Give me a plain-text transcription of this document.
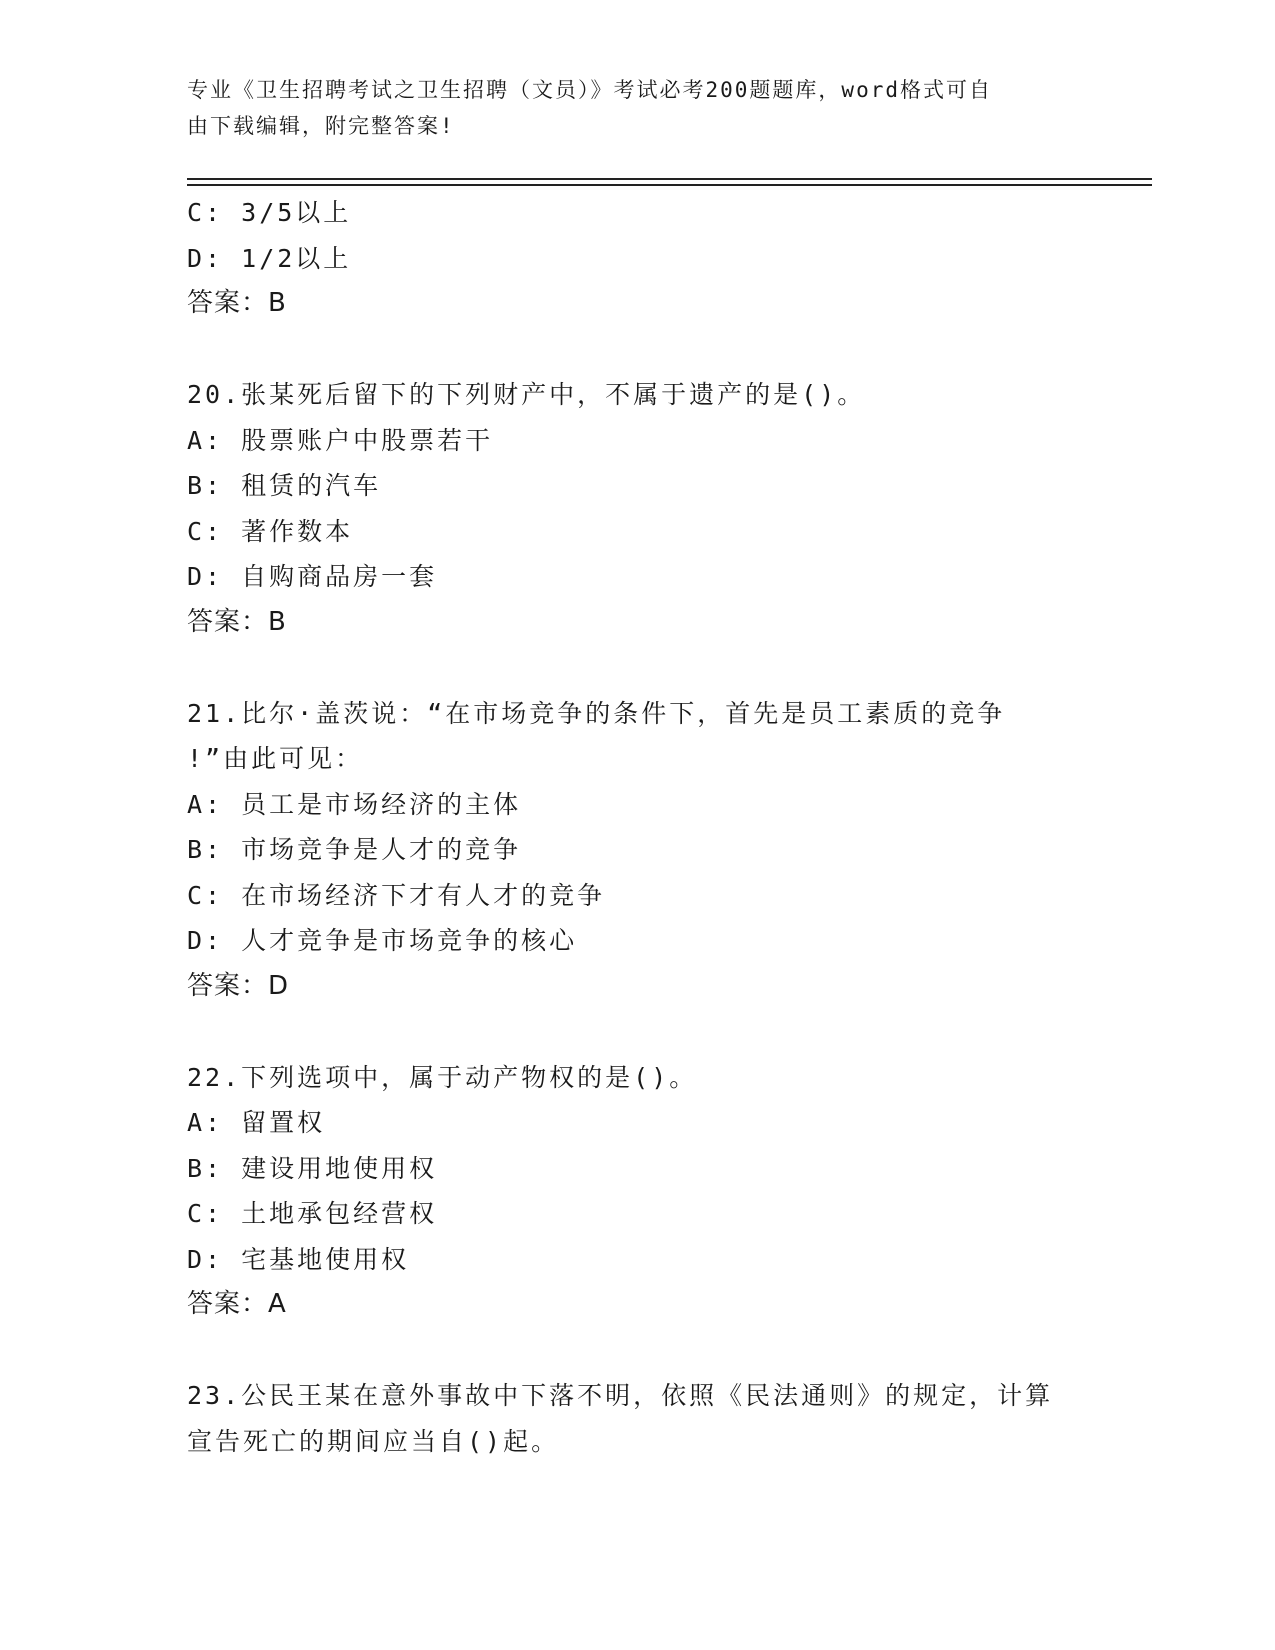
专业《卫生招聘考试之卫生招聘（文员）》考试必考200题题库，word格式可自
由下载编辑，附完整答案!
C: 3/5以上
D: 1/2以上
答案：B
20.张某死后留下的下列财产中，不属于遗产的是()。
A: 股票账户中股票若干
B: 租赁的汽车
C: 著作数本
D: 自购商品房一套
答案：B
21.比尔·盖茨说：“在市场竞争的条件下，首先是员工素质的竞争
!”由此可见：
A: 员工是市场经济的主体
B: 市场竞争是人才的竞争
C: 在市场经济下才有人才的竞争
D: 人才竞争是市场竞争的核心
答案：D
22.下列选项中，属于动产物权的是()。
A: 留置权
B: 建设用地使用权
C: 土地承包经营权
D: 宅基地使用权
答案：A
23.公民王某在意外事故中下落不明，依照《民法通则》的规定，计算
宣告死亡的期间应当自()起。
